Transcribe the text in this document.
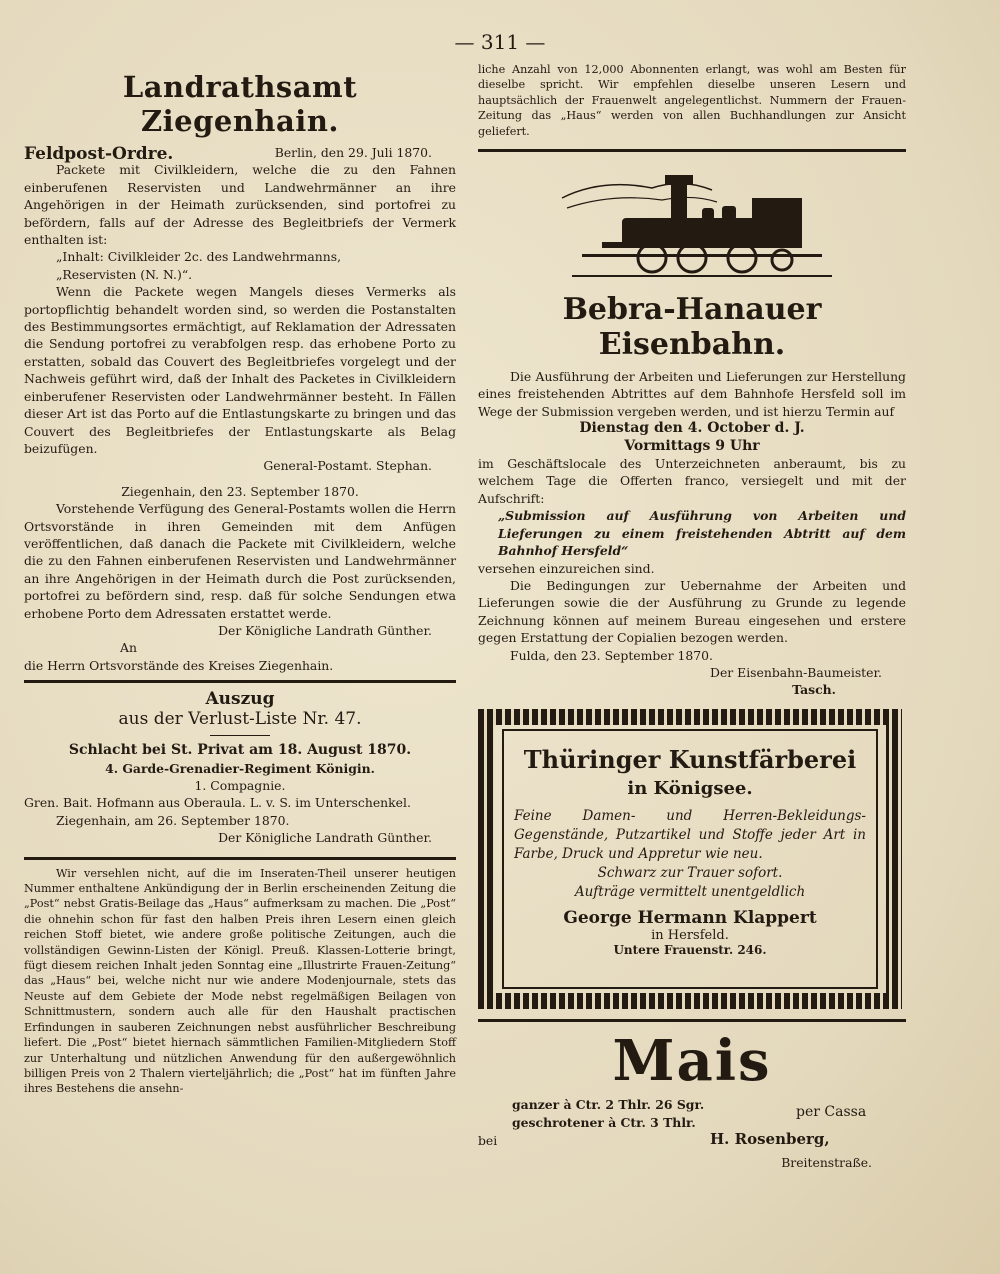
— 311 —
Landrathsamt Ziegenhain.
Feldpost-Ordre.	Berlin, den 29. Juli 1870.

Packete mit Civilkleidern, welche die zu den Fahnen einberufenen Reservisten und Landwehrmänner an ihre Angehörigen in der Heimath zurücksenden, sind portofrei zu befördern, falls auf der Adresse des Begleitbriefs der Vermerk enthalten ist:

„Inhalt: Civilkleider 2c. des Landwehrmanns,

„Reservisten (N. N.)“.

Wenn die Packete wegen Mangels dieses Vermerks als portopflichtig behandelt worden sind, so werden die Postanstalten des Bestimmungsortes ermächtigt, auf Reklamation der Adressaten die Sendung portofrei zu verabfolgen resp. das erhobene Porto zu erstatten, sobald das Couvert des Begleitbriefes vorgelegt und der Nachweis geführt wird, daß der Inhalt des Packetes in Civilkleidern einberufener Reservisten oder Landwehrmänner besteht. In Fällen dieser Art ist das Porto auf die Entlastungskarte zu bringen und das Couvert des Begleitbriefes der Entlastungskarte als Belag beizufügen.

General-Postamt. Stephan.

Ziegenhain, den 23. September 1870.

Vorstehende Verfügung des General-Postamts wollen die Herrn Ortsvorstände in ihren Gemeinden mit dem Anfügen veröffentlichen, daß danach die Packete mit Civilkleidern, welche die zu den Fahnen einberufenen Reservisten und Landwehrmänner an ihre Angehörigen in der Heimath durch die Post zurücksenden, portofrei zu befördern sind, resp. daß für solche Sendungen etwa erhobene Porto dem Adressaten erstattet werde.

Der Königliche Landrath Günther.

An

die Herrn Ortsvorstände des Kreises Ziegenhain.

Auszug
aus der Verlust-Liste Nr. 47.

Schlacht bei St. Privat am 18. August 1870.

4. Garde-Grenadier-Regiment Königin.

1. Compagnie.

Gren. Bait. Hofmann aus Oberaula. L. v. S. im Unterschenkel.

Ziegenhain, am 26. September 1870.

Der Königliche Landrath Günther.

Wir versehlen nicht, auf die im Inseraten-Theil unserer heutigen Nummer enthaltene Ankündigung der in Berlin erscheinenden Zeitung die „Post“ nebst Gratis-Beilage das „Haus“ aufmerksam zu machen. Die „Post“ die ohnehin schon für fast den halben Preis ihren Lesern einen gleich reichen Stoff bietet, wie andere große politische Zeitungen, auch die vollständigen Gewinn-Listen der Königl. Preuß. Klassen-Lotterie bringt, fügt diesem reichen Inhalt jeden Sonntag eine „Illustrirte Frauen-Zeitung“ das „Haus“ bei, welche nicht nur wie andere Modenjournale, stets das Neuste auf dem Gebiete der Mode nebst regelmäßigen Beilagen von Schnittmustern, sondern auch alle für den Haushalt practischen Erfindungen in sauberen Zeichnungen nebst ausführlicher Beschreibung liefert. Die „Post“ bietet hiernach sämmtlichen Familien-Mitgliedern Stoff zur Unterhaltung und nützlichen Anwendung für den außergewöhnlich billigen Preis von 2 Thalern vierteljährlich; die „Post“ hat im fünften Jahre ihres Bestehens die ansehn-

liche Anzahl von 12,000 Abonnenten erlangt, was wohl am Besten für dieselbe spricht. Wir empfehlen dieselbe unseren Lesern und hauptsächlich der Frauenwelt angelegentlichst. Nummern der Frauen-Zeitung das „Haus“ werden von allen Buchhandlungen zur Ansicht geliefert.

Bebra-Hanauer Eisenbahn.

Die Ausführung der Arbeiten und Lieferungen zur Herstellung eines freistehenden Abtrittes auf dem Bahnhofe Hersfeld soll im Wege der Submission vergeben werden, und ist hierzu Termin auf

Dienstag den 4. October d. J.

Vormittags 9 Uhr

im Geschäftslocale des Unterzeichneten anberaumt, bis zu welchem Tage die Offerten franco, versiegelt und mit der Aufschrift:

„Submission auf Ausführung von Arbeiten und Lieferungen zu einem freistehenden Abtritt auf dem Bahnhof Hersfeld“

versehen einzureichen sind.

Die Bedingungen zur Uebernahme der Arbeiten und Lieferungen sowie die der Ausführung zu Grunde zu legende Zeichnung können auf meinem Bureau eingesehen und erstere gegen Erstattung der Copialien bezogen werden.

Fulda, den 23. September 1870.

Der Eisenbahn-Baumeister.

Tasch.

Thüringer Kunstfärberei
in Königsee.

Feine Damen- und Herren-Bekleidungs-Gegenstände, Putzartikel und Stoffe jeder Art in Farbe, Druck und Appretur wie neu.

Schwarz zur Trauer sofort.

Aufträge vermittelt unentgeldlich

George Hermann Klappert
in Hersfeld.
Untere Frauenstr. 246.
Mais
ganzer à Ctr. 2 Thlr. 26 Sgr.
geschrotener à Ctr. 3 Thlr.
per Cassa
bei	H. Rosenberg,
Breitenstraße.
